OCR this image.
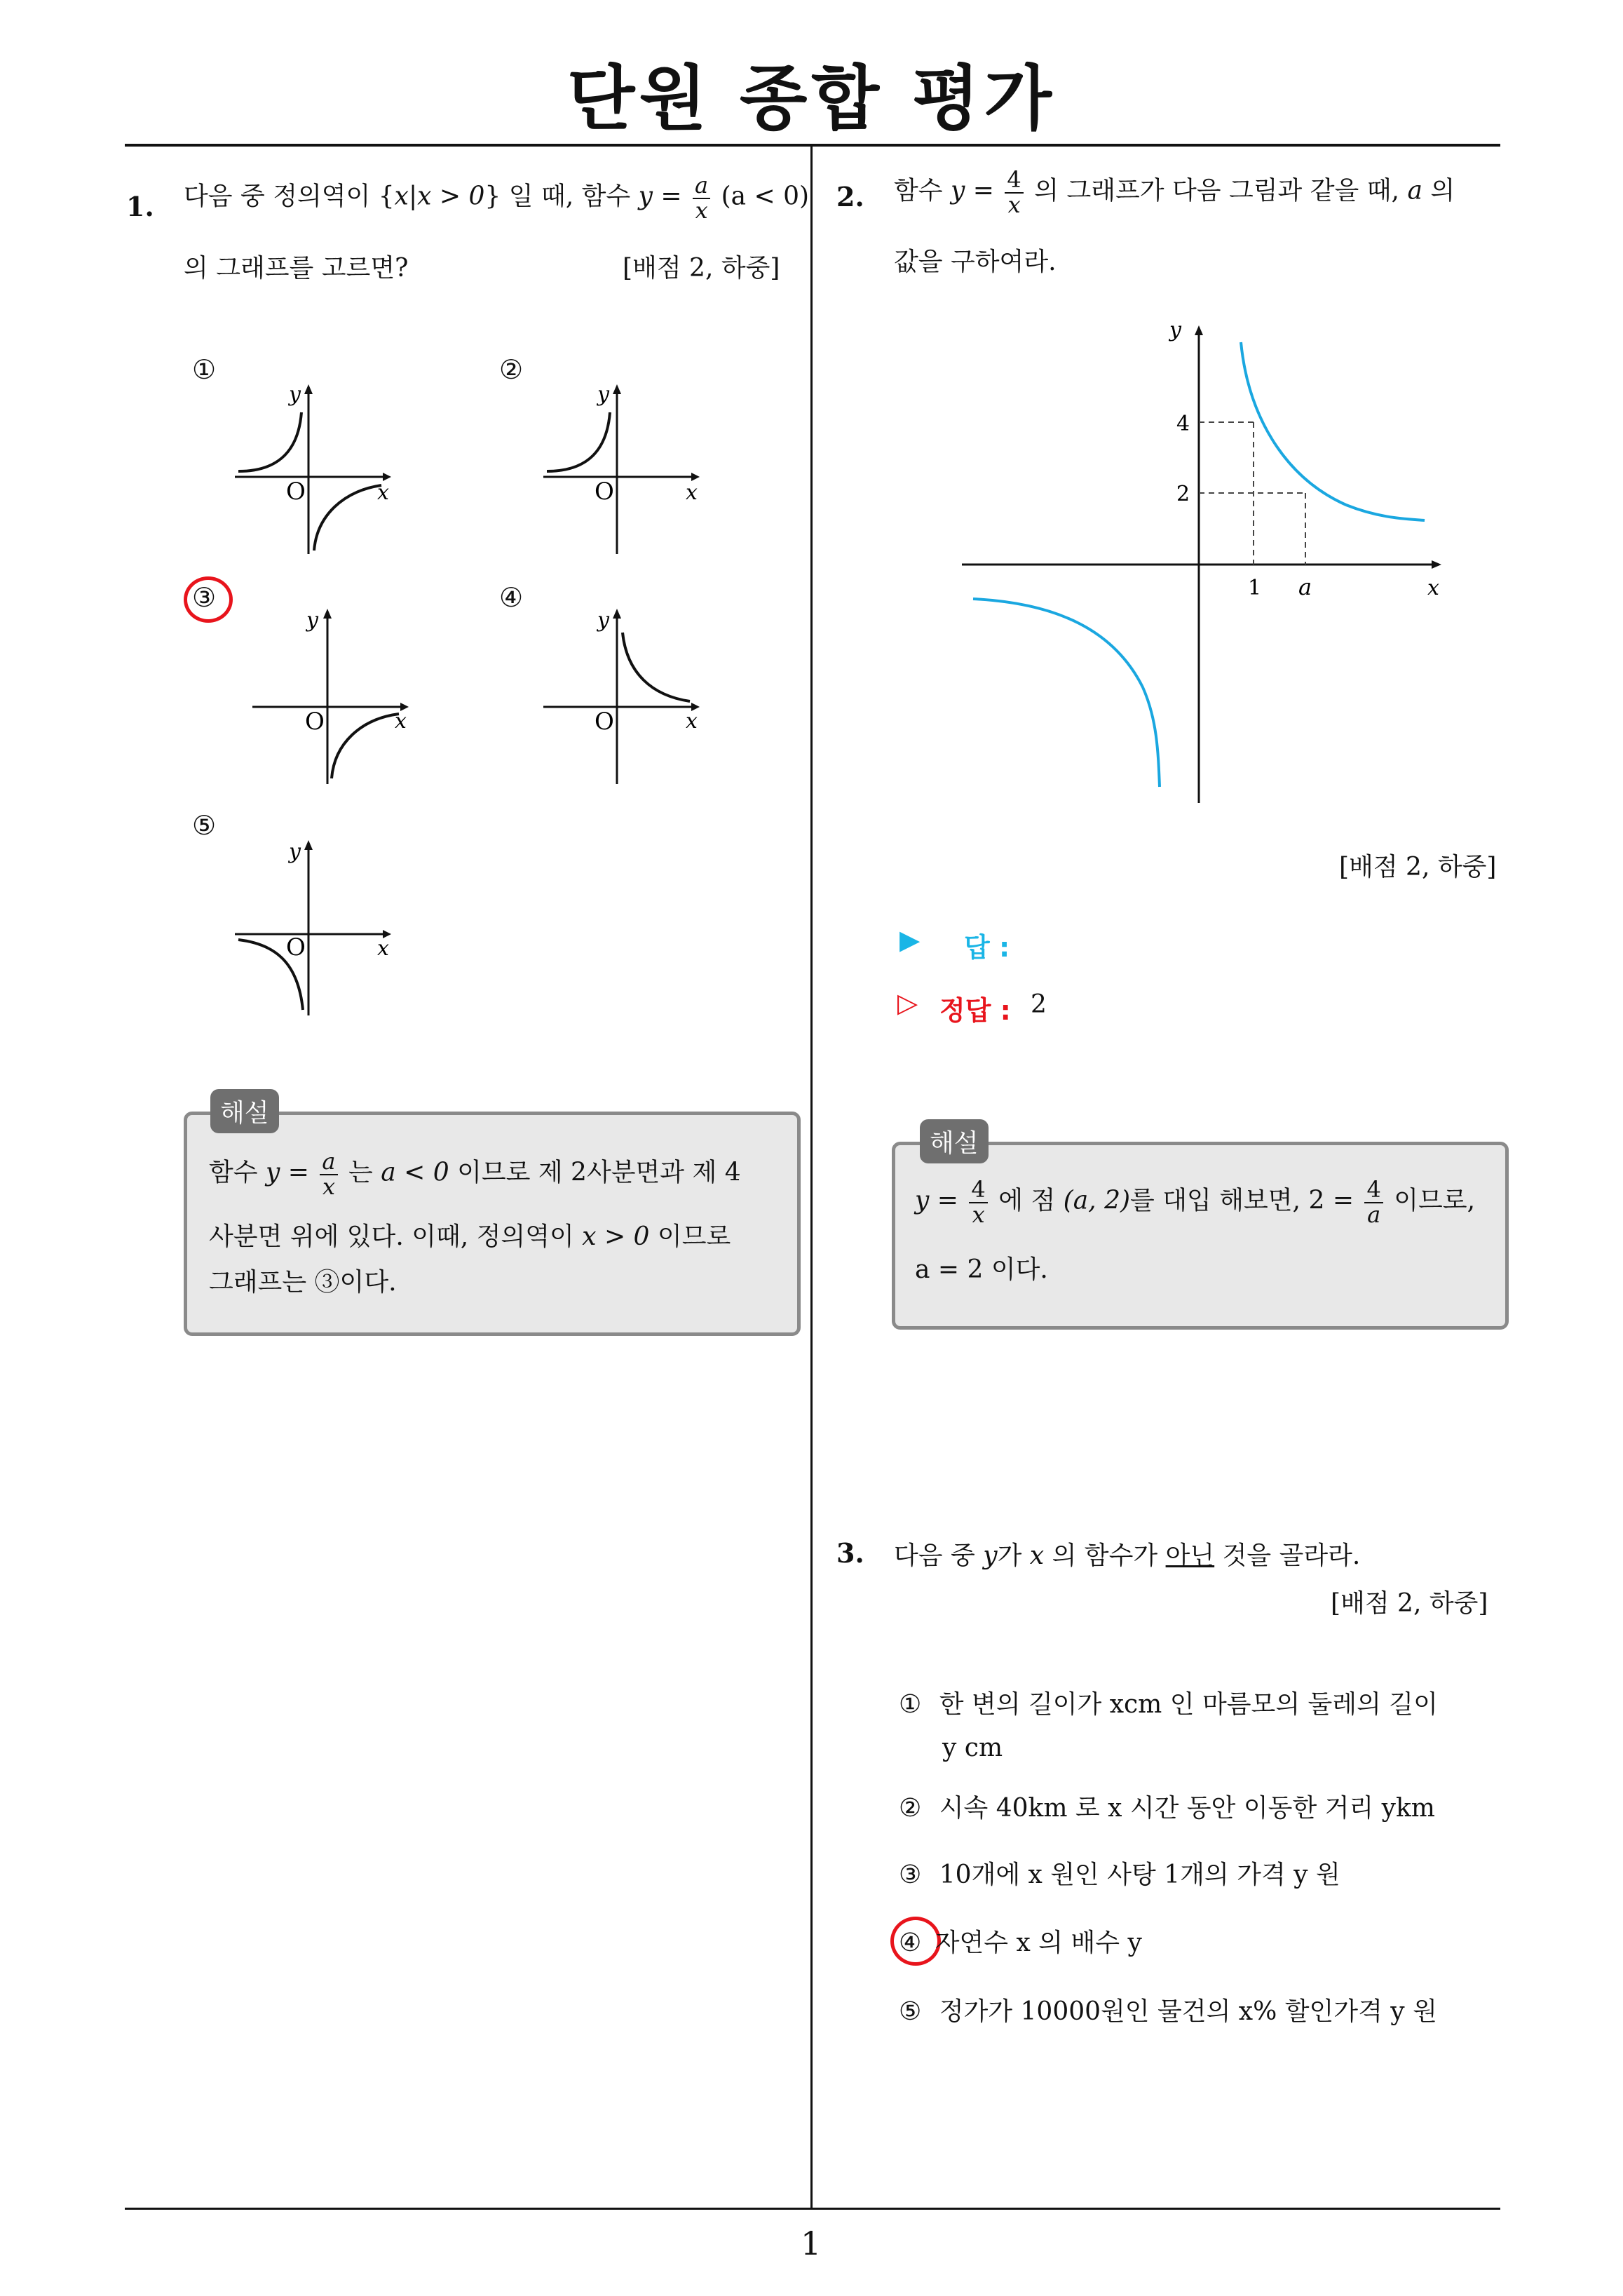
단원 종합 평가
1
1. 다음 중 정의역이 {x|x > 0} 일 때, 함수 $y = \frac{a}{x} (a < 0)$
의 그래프를 고르면?	[배점 2, 하중]
①	②
③	④
⑤
y
x
O
y
x
O
y
x
O
y
x
O
y
x
O
해설
함수 $y = \frac{a}{x}$ 는 a < 0 이므로 제 2사분면과 제 4
사분면 위에 있다. 이때, 정의역이 x > 0 이므로
그래프는 ③이다.
2. 함수 $y = \frac{4}{x}$ 의 그래프가 다음 그림과 같을 때, a 의
값을 구하여라.
y
x
4
2
1 a
[배점 2, 하중]
▶ 답 :
▷ 정답 : 2
해설
$y = \frac{4}{x}$ 에 점 (a, 2)를 대입 해보면, $2 = \frac{4}{a}$ 이므로,
a = 2 이다.
3. 다음 중 y가 x 의 함수가 아닌 것을 골라라.
[배점 2, 하중]
① 한 변의 길이가 xcm 인 마름모의 둘레의 길이
y cm
② 시속 40km 로 x 시간 동안 이동한 거리 ykm
③ 10개에 x 원인 사탕 1개의 가격 y 원
④ 자연수 x 의 배수 y
⑤ 정가가 10000원인 물건의 x% 할인가격 y 원
